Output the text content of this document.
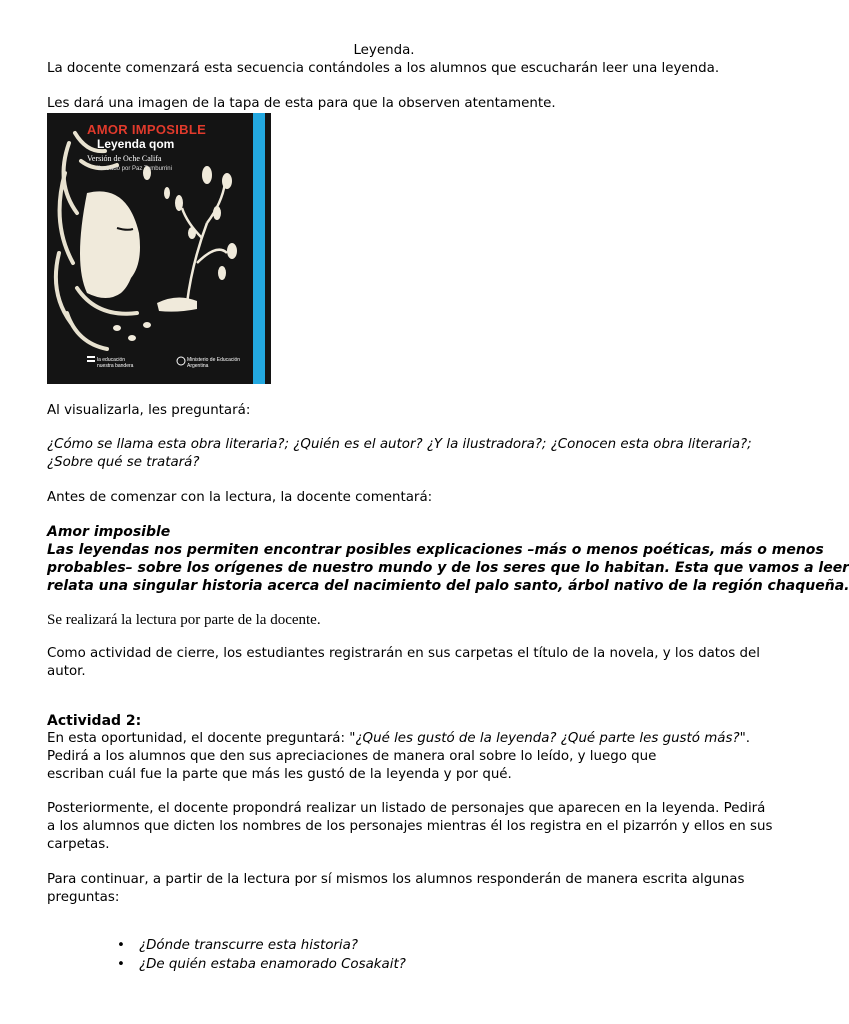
Leyenda.
La docente comenzará esta secuencia contándoles a los alumnos que escucharán leer una leyenda.
Les dará una imagen de la tapa de esta para que la observen atentamente.
AMOR IMPOSIBLE
Leyenda qom
Versión de Oche Califa
Ilustrado por Paz Tamburrini
la educación
nuestra bandera
Ministerio de Educación
Argentina
Al visualizarla, les preguntará:
¿Cómo se llama esta obra literaria?; ¿Quién es el autor? ¿Y la ilustradora?; ¿Conocen esta obra literaria?;
¿Sobre qué se tratará?
Antes de comenzar con la lectura, la docente comentará:
Amor imposible
Las leyendas nos permiten encontrar posibles explicaciones –más o menos poéticas, más o menos
probables– sobre los orígenes de nuestro mundo y de los seres que lo habitan. Esta que vamos a leer
relata una singular historia acerca del nacimiento del palo santo, árbol nativo de la región chaqueña.
Se realizará la lectura por parte de la docente.
Como actividad de cierre, los estudiantes registrarán en sus carpetas el título de la novela, y los datos del
autor.
Actividad 2:
En esta oportunidad, el docente preguntará: "¿Qué les gustó de la leyenda? ¿Qué parte les gustó más?".
Pedirá a los alumnos que den sus apreciaciones de manera oral sobre lo leído, y luego que
escriban cuál fue la parte que más les gustó de la leyenda y por qué.
Posteriormente, el docente propondrá realizar un listado de personajes que aparecen en la leyenda. Pedirá
a los alumnos que dicten los nombres de los personajes mientras él los registra en el pizarrón y ellos en sus
carpetas.
Para continuar, a partir de la lectura por sí mismos los alumnos responderán de manera escrita algunas
preguntas:
• ¿Dónde transcurre esta historia?
• ¿De quién estaba enamorado Cosakait?
